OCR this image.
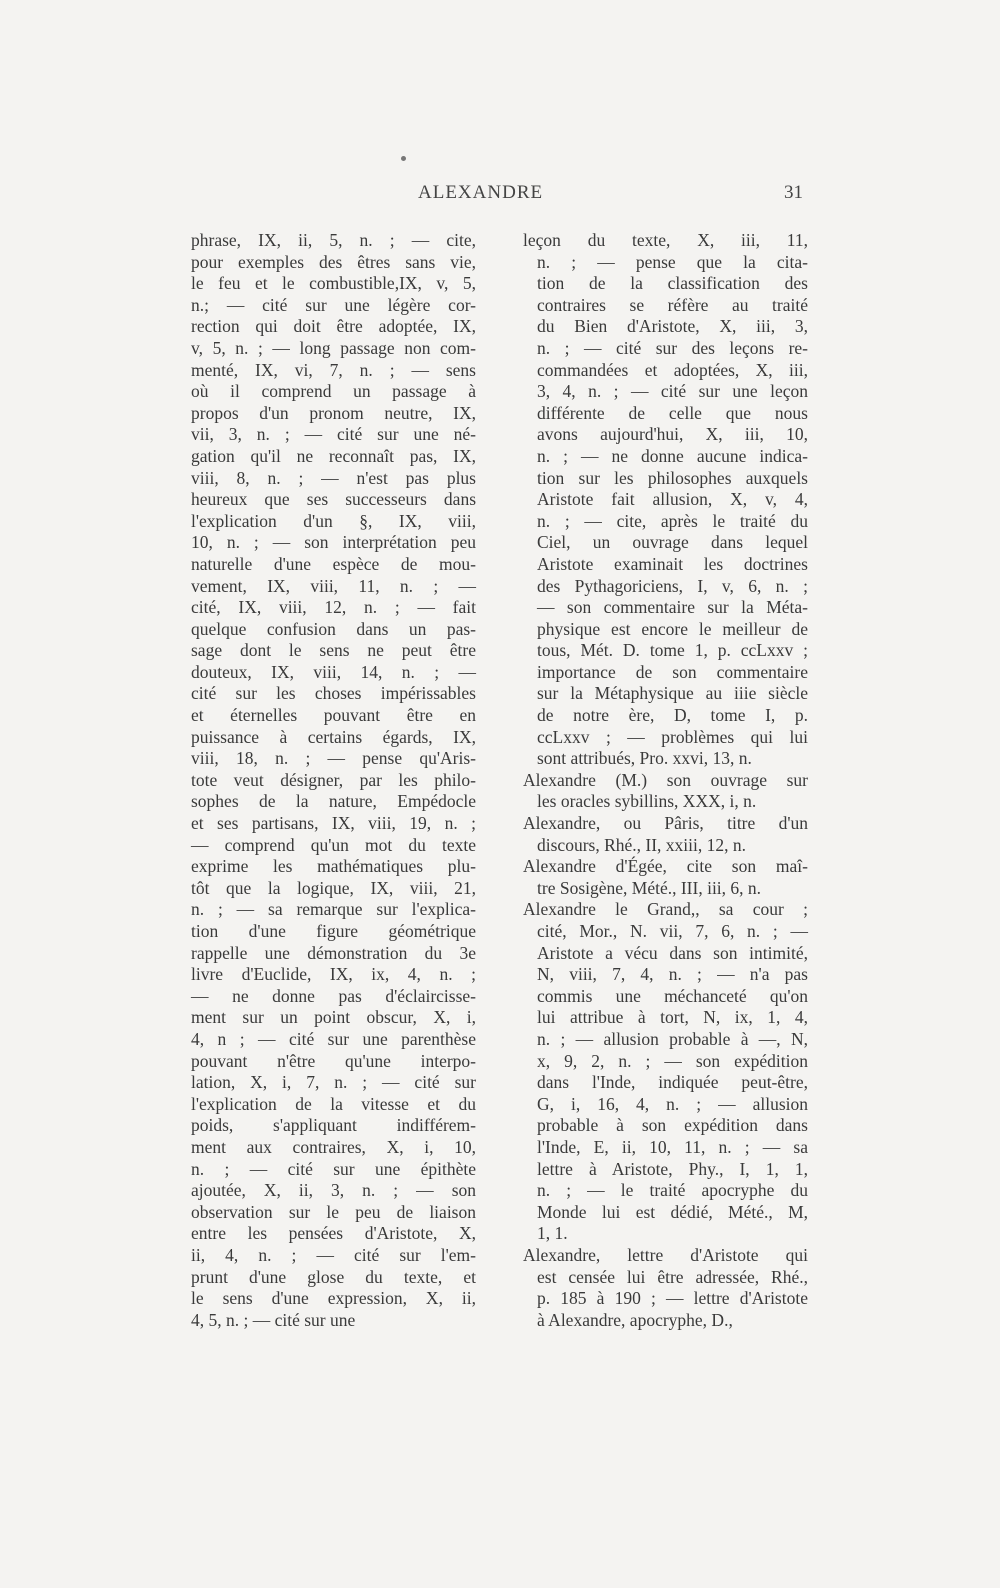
ALEXANDRE	31
phrase, IX, ii, 5, n. ; — cite,
pour exemples des êtres sans vie,
le feu et le combustible,IX, v, 5,
n.; — cité sur une légère cor-
rection qui doit être adoptée, IX,
v, 5, n. ; — long passage non com-
menté, IX, vi, 7, n. ; — sens
où il comprend un passage à
propos d'un pronom neutre, IX,
vii, 3, n. ; — cité sur une né-
gation qu'il ne reconnaît pas, IX,
viii, 8, n. ; — n'est pas plus
heureux que ses successeurs dans
l'explication d'un §, IX, viii,
10, n. ; — son interprétation peu
naturelle d'une espèce de mou-
vement, IX, viii, 11, n. ; —
cité, IX, viii, 12, n. ; — fait
quelque confusion dans un pas-
sage dont le sens ne peut être
douteux, IX, viii, 14, n. ; —
cité sur les choses impérissables
et éternelles pouvant être en
puissance à certains égards, IX,
viii, 18, n. ; — pense qu'Aris-
tote veut désigner, par les philo-
sophes de la nature, Empédocle
et ses partisans, IX, viii, 19, n. ;
— comprend qu'un mot du texte
exprime les mathématiques plu-
tôt que la logique, IX, viii, 21,
n. ; — sa remarque sur l'explica-
tion d'une figure géométrique
rappelle une démonstration du 3e
livre d'Euclide, IX, ix, 4, n. ;
— ne donne pas d'éclaircisse-
ment sur un point obscur, X, i,
4, n ; — cité sur une parenthèse
pouvant n'être qu'une interpo-
lation, X, i, 7, n. ; — cité sur
l'explication de la vitesse et du
poids, s'appliquant indifférem-
ment aux contraires, X, i, 10,
n. ; — cité sur une épithète
ajoutée, X, ii, 3, n. ; — son
observation sur le peu de liaison
entre les pensées d'Aristote, X,
ii, 4, n. ; — cité sur l'em-
prunt d'une glose du texte, et
le sens d'une expression, X, ii,
4, 5, n. ; — cité sur une
leçon du texte, X, iii, 11,
n. ; — pense que la cita-
tion de la classification des
contraires se réfère au traité
du Bien d'Aristote, X, iii, 3,
n. ; — cité sur des leçons re-
commandées et adoptées, X, iii,
3, 4, n. ; — cité sur une leçon
différente de celle que nous
avons aujourd'hui, X, iii, 10,
n. ; — ne donne aucune indica-
tion sur les philosophes auxquels
Aristote fait allusion, X, v, 4,
n. ; — cite, après le traité du
Ciel, un ouvrage dans lequel
Aristote examinait les doctrines
des Pythagoriciens, I, v, 6, n. ;
— son commentaire sur la Méta-
physique est encore le meilleur de
tous, Mét. D. tome 1, p. ccLxxv ;
importance de son commentaire
sur la Métaphysique au iiie siècle
de notre ère, D, tome I, p.
ccLxxv ; — problèmes qui lui
sont attribués, Pro. xxvi, 13, n.
Alexandre (M.) son ouvrage sur
les oracles sybillins, XXX, i, n.
Alexandre, ou Pâris, titre d'un
discours, Rhé., II, xxiii, 12, n.
Alexandre d'Égée, cite son maî-
tre Sosigène, Mété., III, iii, 6, n.
Alexandre le Grand,, sa cour ;
cité, Mor., N. vii, 7, 6, n. ; —
Aristote a vécu dans son intimité,
N, viii, 7, 4, n. ; — n'a pas
commis une méchanceté qu'on
lui attribue à tort, N, ix, 1, 4,
n. ; — allusion probable à —, N,
x, 9, 2, n. ; — son expédition
dans l'Inde, indiquée peut-être,
G, i, 16, 4, n. ; — allusion
probable à son expédition dans
l'Inde, E, ii, 10, 11, n. ; — sa
lettre à Aristote, Phy., I, 1, 1,
n. ; — le traité apocryphe du
Monde lui est dédié, Mété., M,
1, 1.
Alexandre, lettre d'Aristote qui
est censée lui être adressée, Rhé.,
p. 185 à 190 ; — lettre d'Aristote
à Alexandre, apocryphe, D.,
